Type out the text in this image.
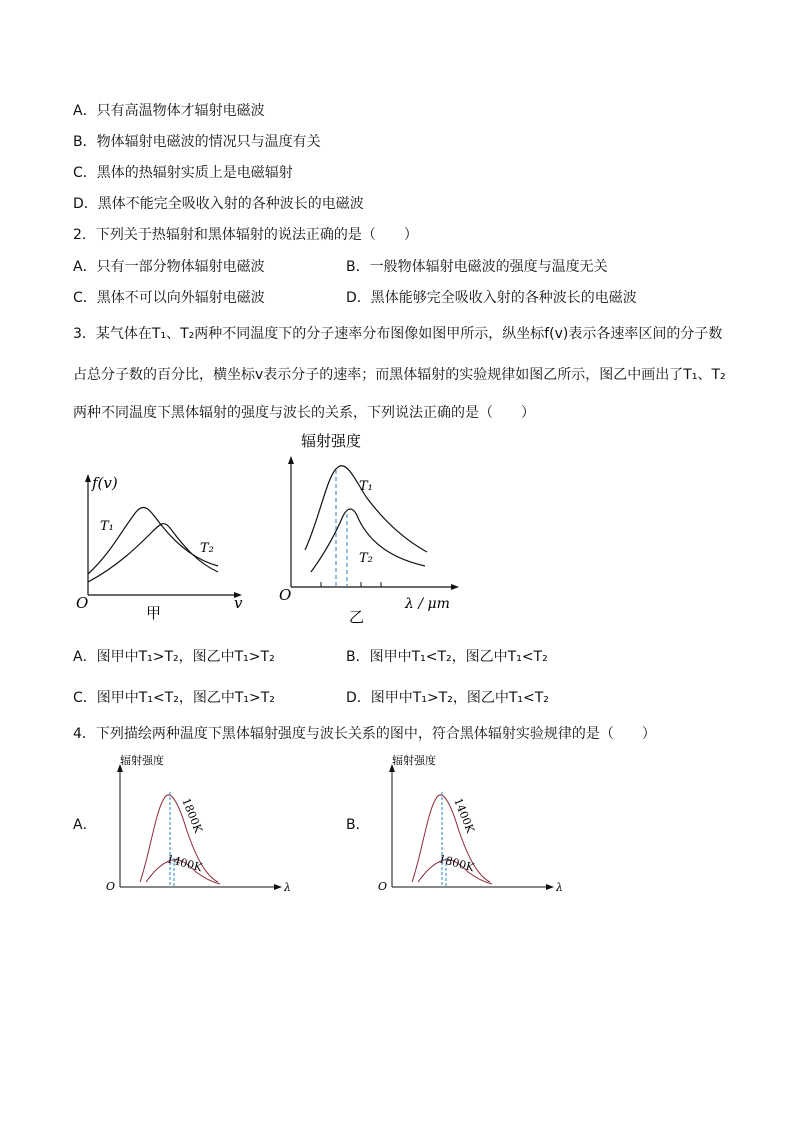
A．只有高温物体才辐射电磁波
B．物体辐射电磁波的情况只与温度有关
C．黑体的热辐射实质上是电磁辐射
D．黑体不能完全吸收入射的各种波长的电磁波
2．下列关于热辐射和黑体辐射的说法正确的是（　　）
A．只有一部分物体辐射电磁波	B．一般物体辐射电磁波的强度与温度无关
C．黑体不可以向外辐射电磁波	D．黑体能够完全吸收入射的各种波长的电磁波
3．某气体在T₁、T₂两种不同温度下的分子速率分布图像如图甲所示，纵坐标f(v)表示各速率区间的分子数
占总分子数的百分比，横坐标v表示分子的速率；而黑体辐射的实验规律如图乙所示，图乙中画出了T₁、T₂
两种不同温度下黑体辐射的强度与波长的关系，下列说法正确的是（　　）
f(v)
T₁
T₂
O	v
甲
辐射强度
T₁
T₂
O	λ / μm
乙
A．图甲中T₁>T₂，图乙中T₁>T₂	B．图甲中T₁<T₂，图乙中T₁<T₂
C．图甲中T₁<T₂，图乙中T₁>T₂	D．图甲中T₁>T₂，图乙中T₁<T₂
4．下列描绘两种温度下黑体辐射强度与波长关系的图中，符合黑体辐射实验规律的是（　　）
A．
辐射强度
1800K
1400K
O	λ
B．
辐射强度
1400K
1800K
O	λ
